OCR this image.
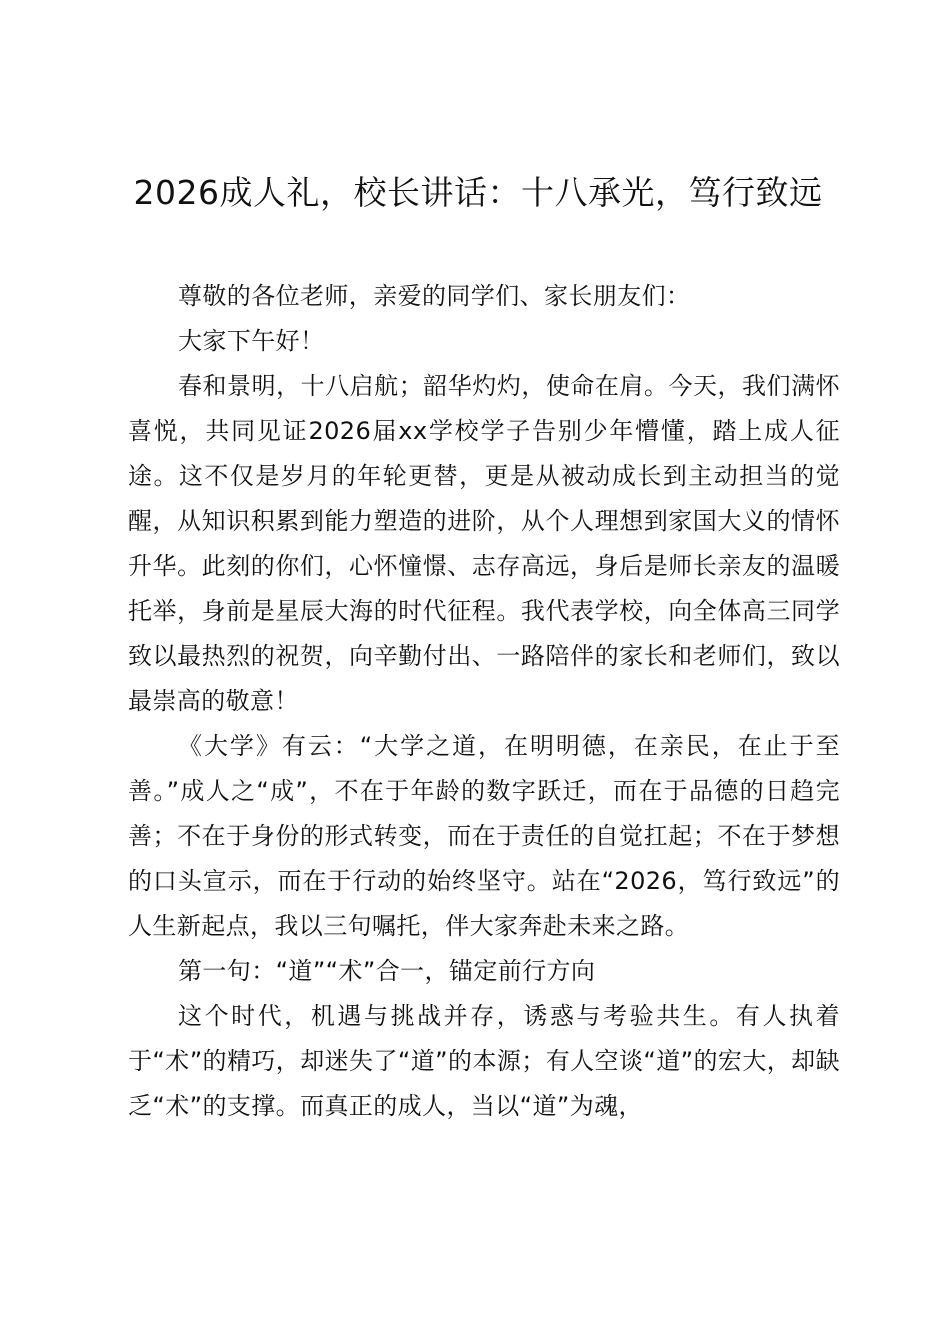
2026成人礼，校长讲话：十八承光，笃行致远

尊敬的各位老师，亲爱的同学们、家长朋友们：

大家下午好！

春和景明，十八启航；韶华灼灼，使命在肩。今天，我们满怀喜悦，共同见证2026届xx学校学子告别少年懵懂，踏上成人征途。这不仅是岁月的年轮更替，更是从被动成长到主动担当的觉醒，从知识积累到能力塑造的进阶，从个人理想到家国大义的情怀升华。此刻的你们，心怀憧憬、志存高远，身后是师长亲友的温暖托举，身前是星辰大海的时代征程。我代表学校，向全体高三同学致以最热烈的祝贺，向辛勤付出、一路陪伴的家长和老师们，致以最崇高的敬意！

《大学》有云：“大学之道，在明明德，在亲民，在止于至善。”成人之“成”，不在于年龄的数字跃迁，而在于品德的日趋完善；不在于身份的形式转变，而在于责任的自觉扛起；不在于梦想的口头宣示，而在于行动的始终坚守。站在“2026，笃行致远”的人生新起点，我以三句嘱托，伴大家奔赴未来之路。

第一句：“道”“术”合一，锚定前行方向

这个时代，机遇与挑战并存，诱惑与考验共生。有人执着于“术”的精巧，却迷失了“道”的本源；有人空谈“道”的宏大，却缺乏“术”的支撑。而真正的成人，当以“道”为魂，
